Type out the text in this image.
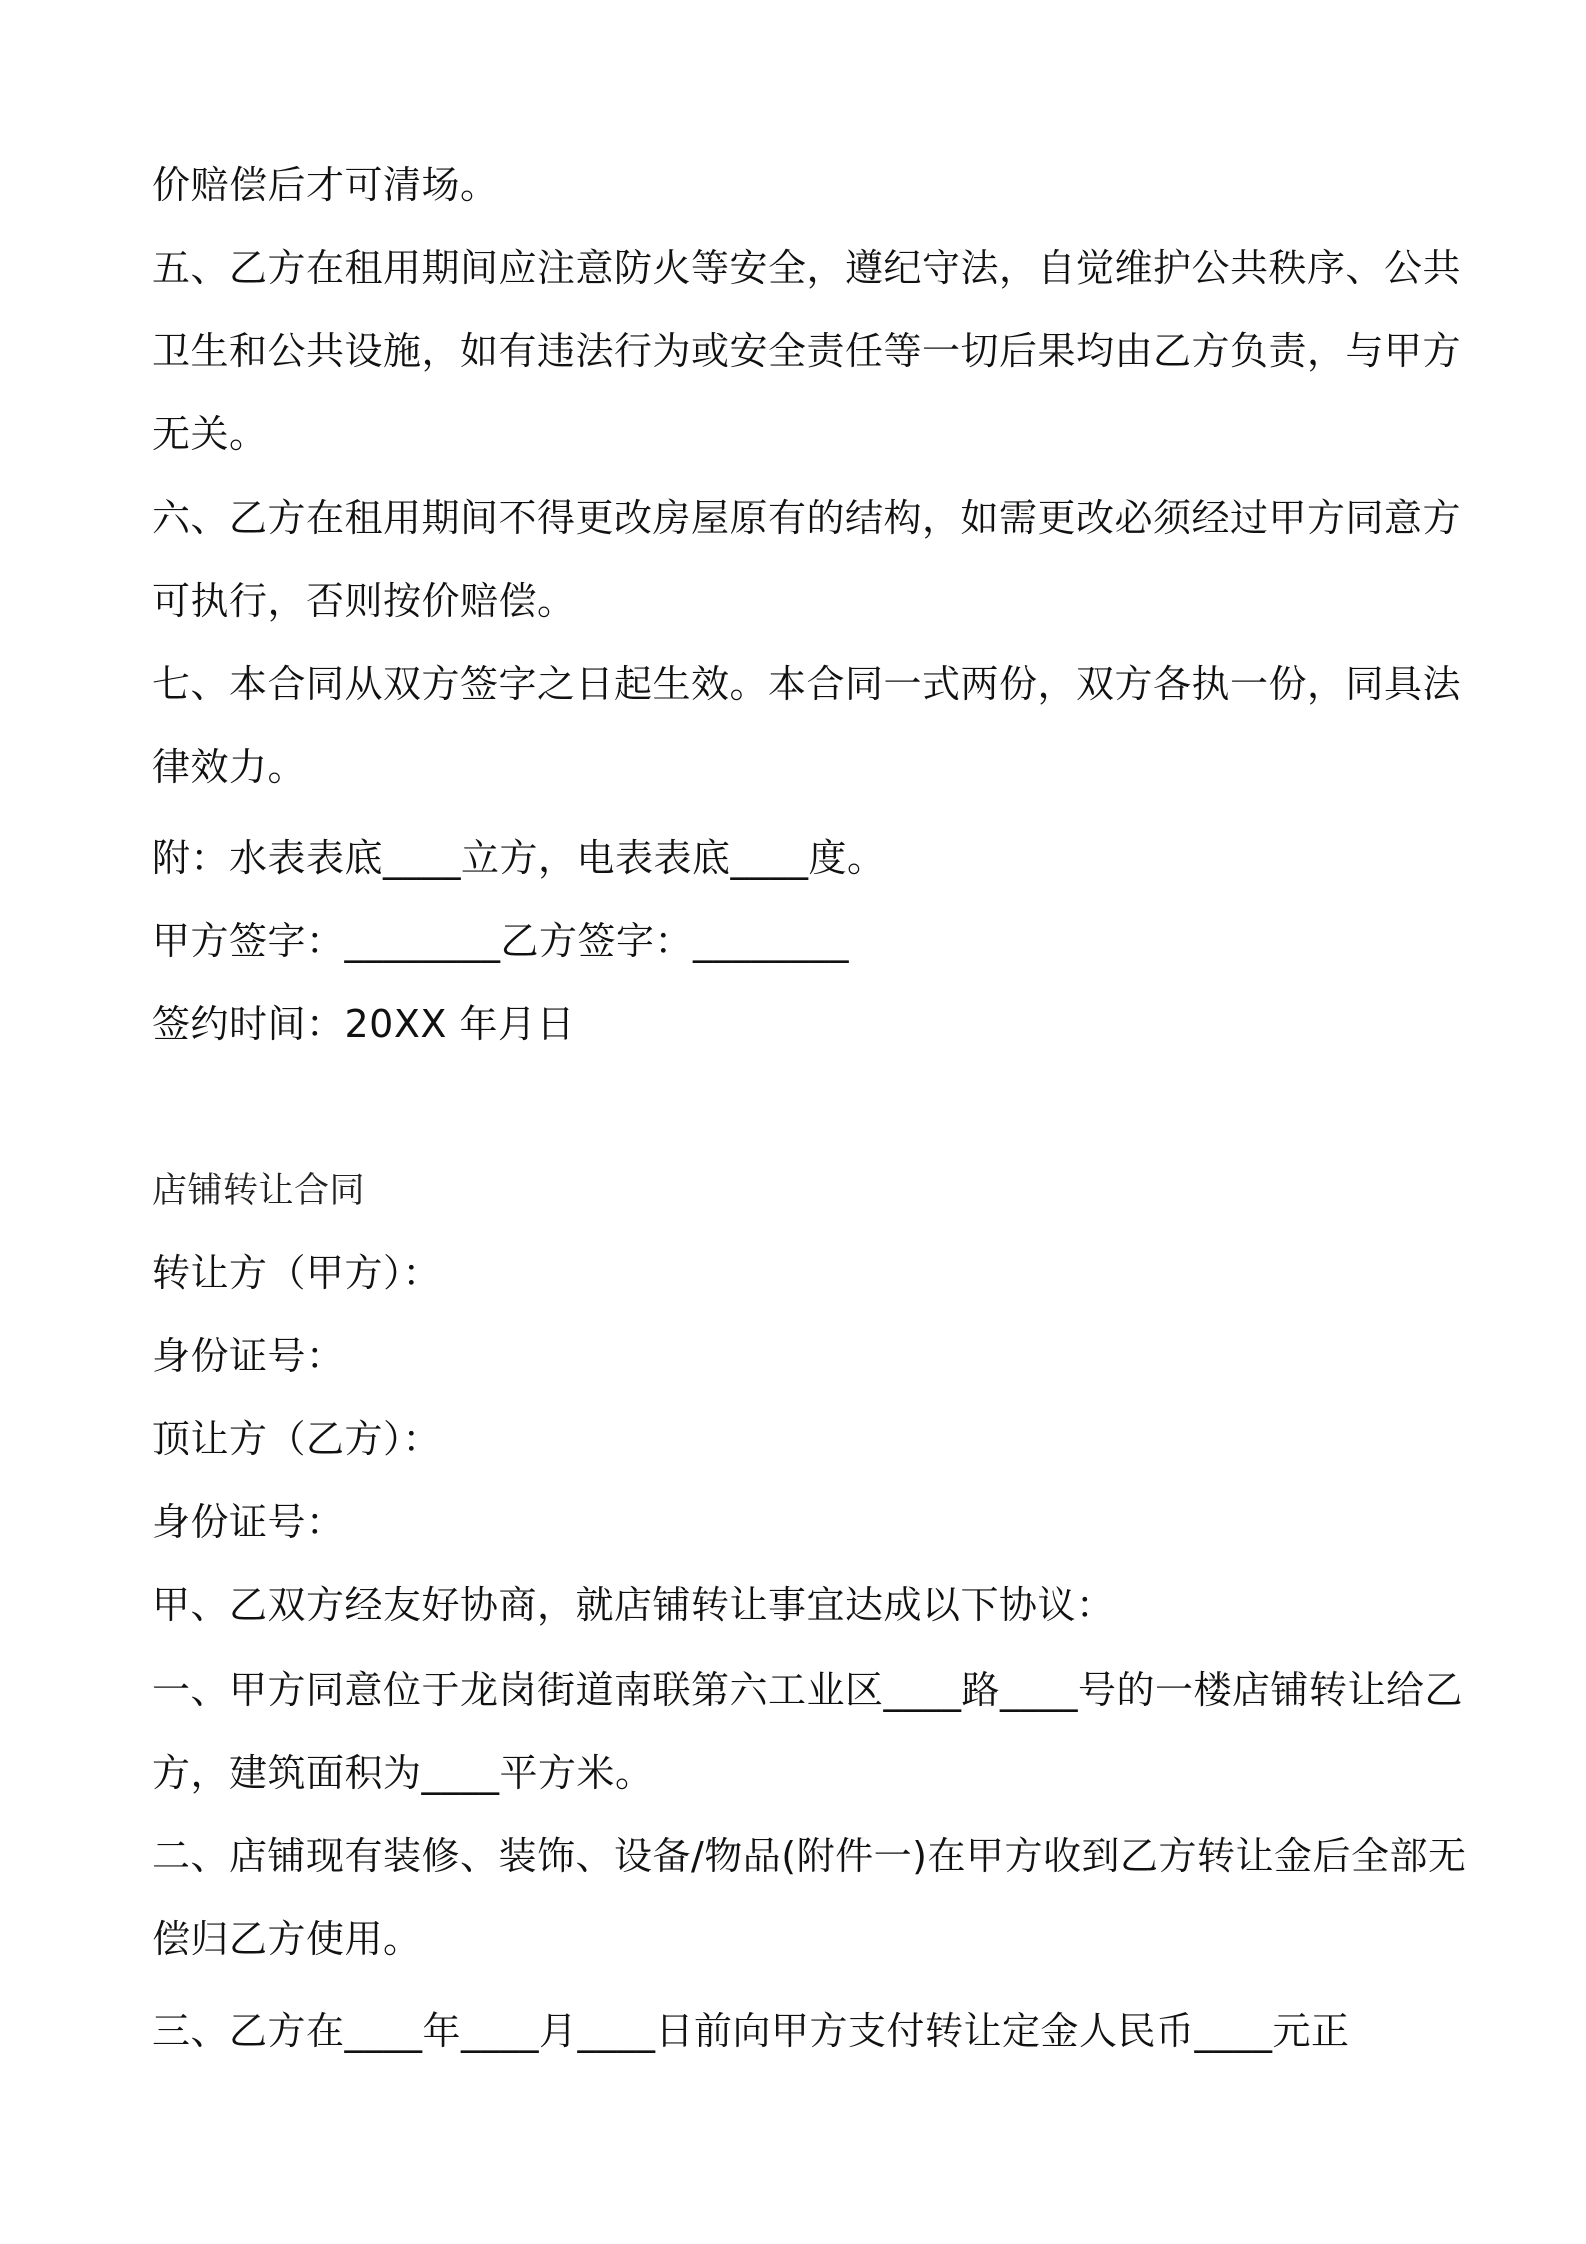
价赔偿后才可清场。

五、乙方在租用期间应注意防火等安全，遵纪守法，自觉维护公共秩序、公共

卫生和公共设施，如有违法行为或安全责任等一切后果均由乙方负责，与甲方

无关。

六、乙方在租用期间不得更改房屋原有的结构，如需更改必须经过甲方同意方

可执行，否则按价赔偿。

七、本合同从双方签字之日起生效。本合同一式两份，双方各执一份，同具法

律效力。

附：水表表底____立方，电表表底____度。

甲方签字：________乙方签字：________

签约时间：20XX 年月日

店铺转让合同

转让方（甲方）：

身份证号：

顶让方（乙方）：

身份证号：

甲、乙双方经友好协商，就店铺转让事宜达成以下协议：

一、甲方同意位于龙岗街道南联第六工业区____路____号的一楼店铺转让给乙

方，建筑面积为____平方米。

二、店铺现有装修、装饰、设备/物品(附件一)在甲方收到乙方转让金后全部无

偿归乙方使用。

三、乙方在____年____月____日前向甲方支付转让定金人民币____元正
